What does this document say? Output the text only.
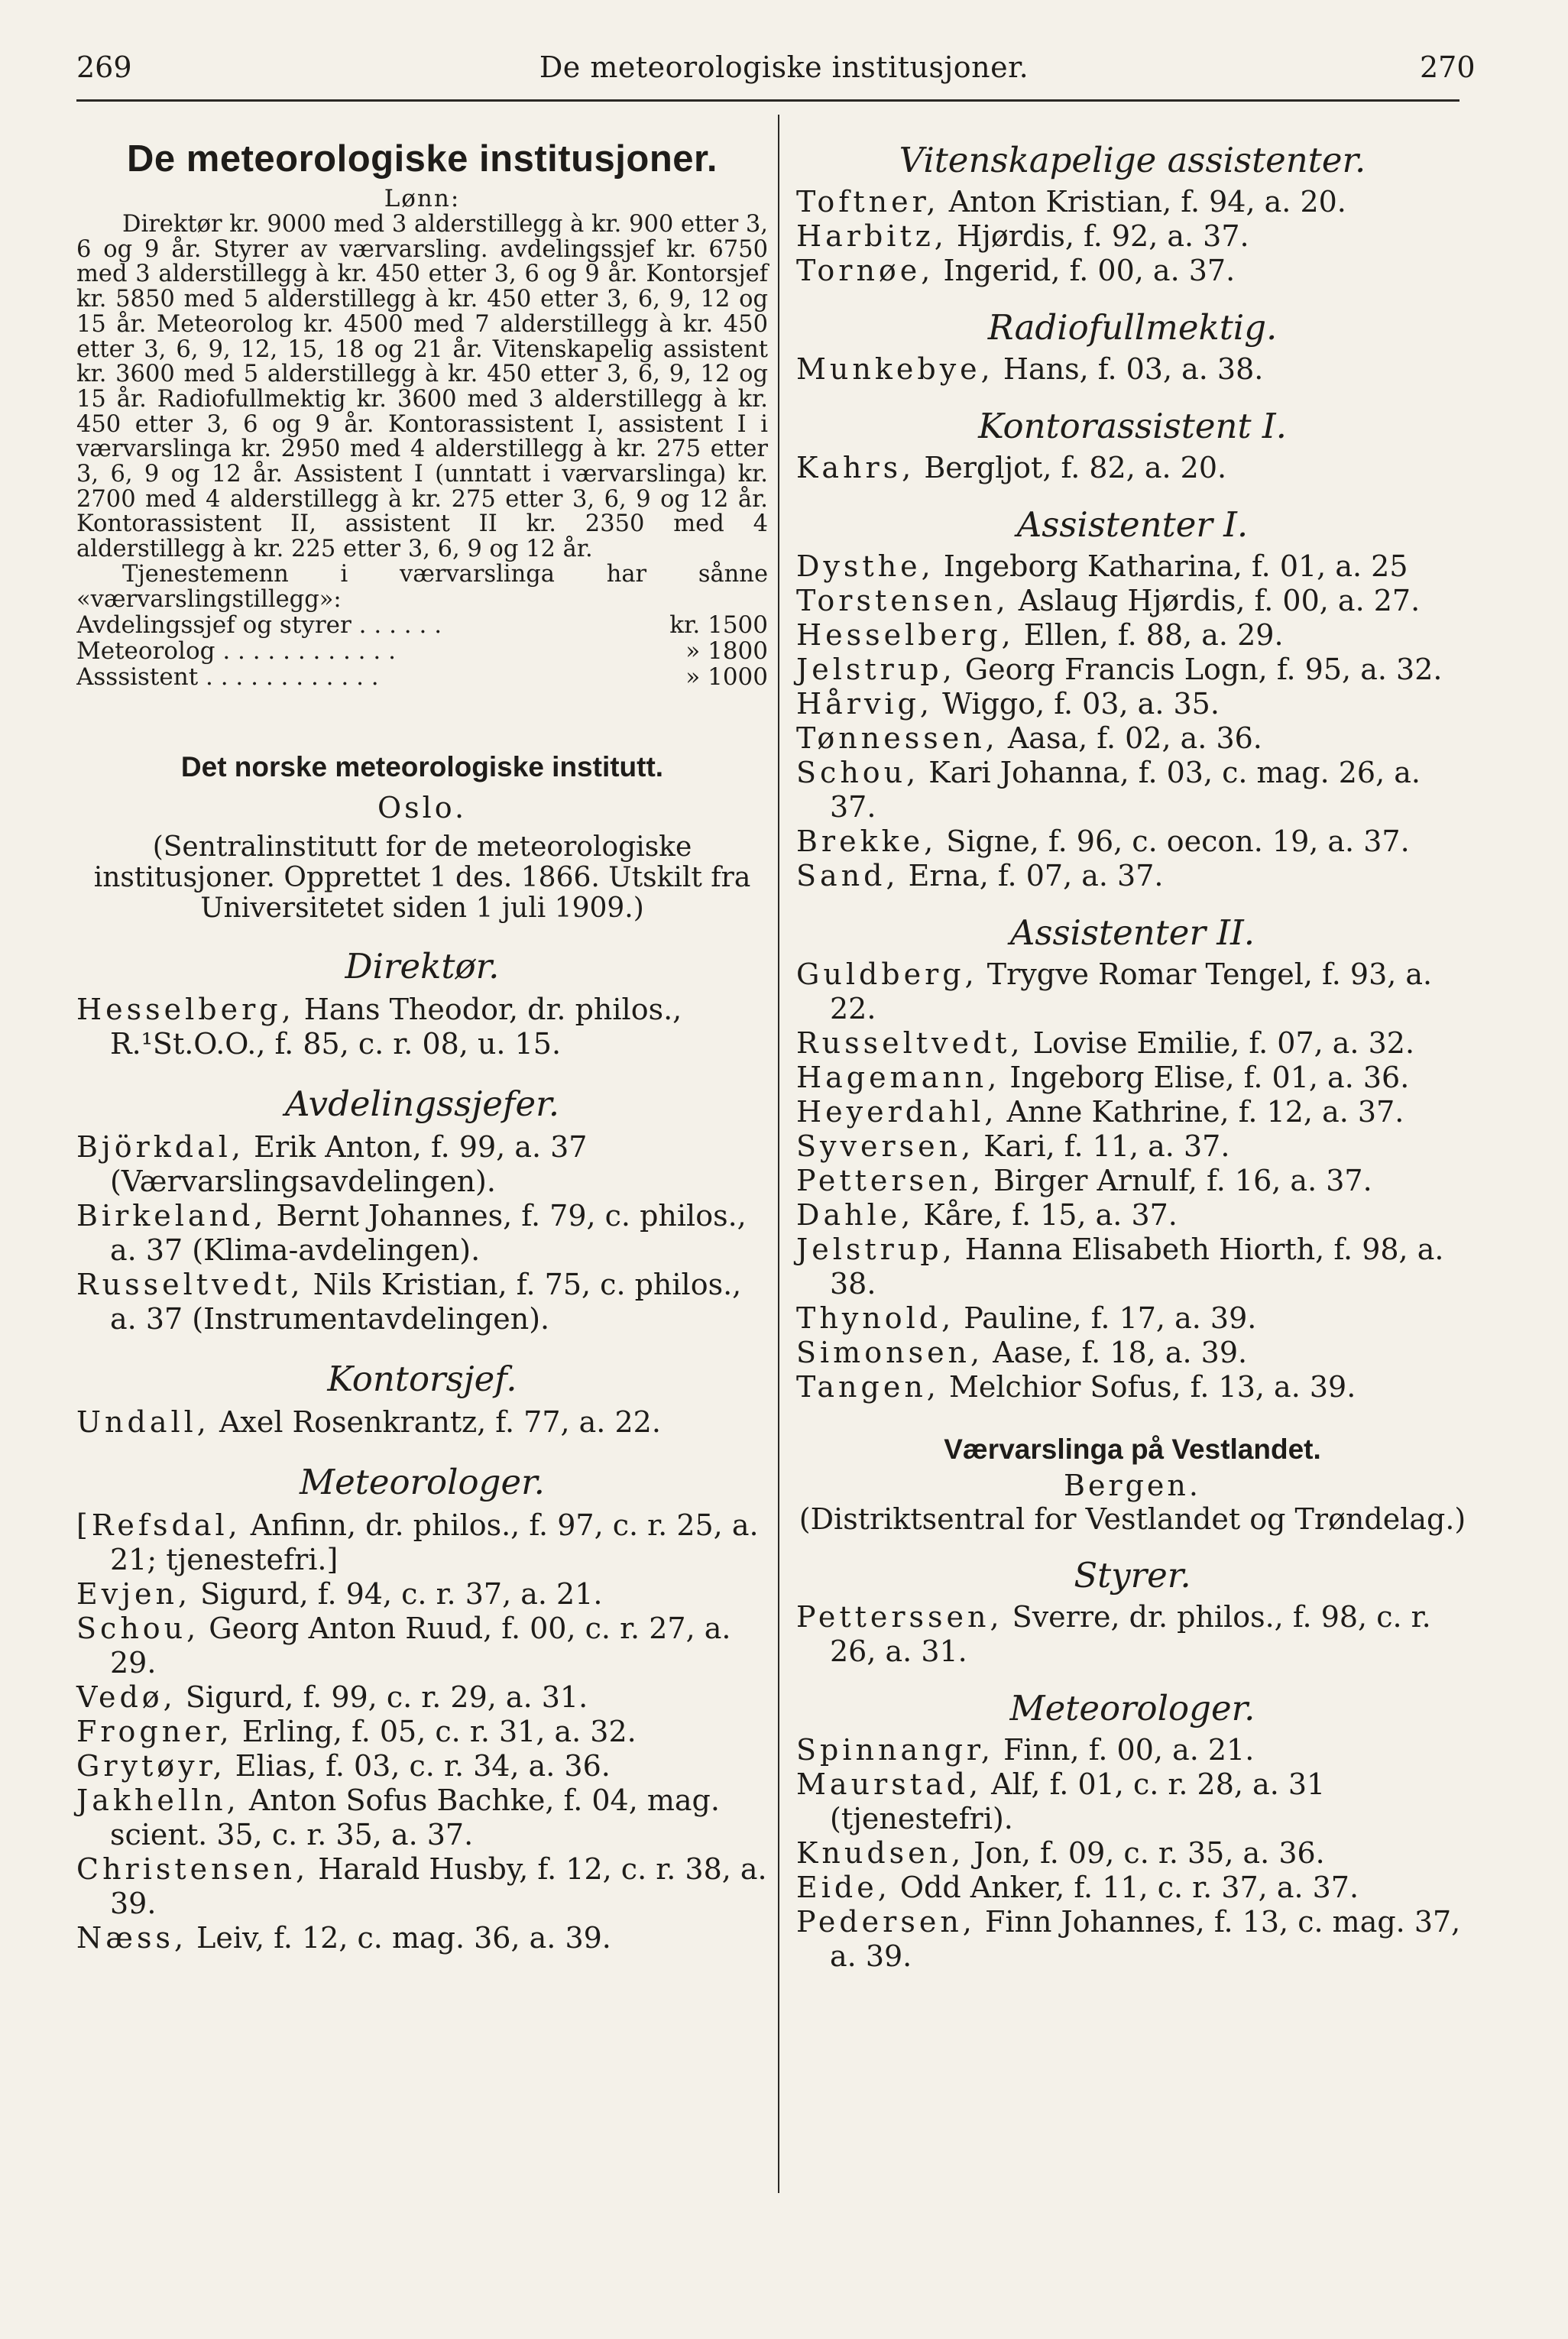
269	De meteorologiske institusjoner.	270
De meteorologiske institusjoner.
Lønn:
Direktør kr. 9000 med 3 alderstillegg à kr. 900 etter 3, 6 og 9 år. Styrer av værvarsling. avdelingssjef kr. 6750 med 3 alderstillegg à kr. 450 etter 3, 6 og 9 år. Kontorsjef kr. 5850 med 5 alderstillegg à kr. 450 etter 3, 6, 9, 12 og 15 år. Meteorolog kr. 4500 med 7 alderstillegg à kr. 450 etter 3, 6, 9, 12, 15, 18 og 21 år. Vitenskapelig assistent kr. 3600 med 5 alderstillegg à kr. 450 etter 3, 6, 9, 12 og 15 år. Radiofullmektig kr. 3600 med 3 alderstillegg à kr. 450 etter 3, 6 og 9 år. Kontorassistent I, assistent I i værvarslinga kr. 2950 med 4 alderstillegg à kr. 275 etter 3, 6, 9 og 12 år. Assistent I (unntatt i værvarslinga) kr. 2700 med 4 alderstillegg à kr. 275 etter 3, 6, 9 og 12 år. Kontorassistent II, assistent II kr. 2350 med 4 alderstillegg à kr. 225 etter 3, 6, 9 og 12 år.
Tjenestemenn i værvarslinga har sånne «værvarslingstillegg»:
Avdelingssjef og styrer . . . . . .	kr. 1500
Meteorolog . . . . . . . . . . . .	» 1800
Asssistent . . . . . . . . . . . .	» 1000
Det norske meteorologiske institutt.
Oslo.
(Sentralinstitutt for de meteorologiske institusjoner. Opprettet 1 des. 1866. Utskilt fra Universitetet siden 1 juli 1909.)
Direktør.
Hesselberg, Hans Theodor, dr. philos., R.¹St.O.O., f. 85, c. r. 08, u. 15.
Avdelingssjefer.
Björkdal, Erik Anton, f. 99, a. 37 (Værvarslingsavdelingen).
Birkeland, Bernt Johannes, f. 79, c. philos., a. 37 (Klima-avdelingen).
Russeltvedt, Nils Kristian, f. 75, c. philos., a. 37 (Instrumentavdelingen).
Kontorsjef.
Undall, Axel Rosenkrantz, f. 77, a. 22.
Meteorologer.
[Refsdal, Anfinn, dr. philos., f. 97, c. r. 25, a. 21; tjenestefri.]
Evjen, Sigurd, f. 94, c. r. 37, a. 21.
Schou, Georg Anton Ruud, f. 00, c. r. 27, a. 29.
Vedø, Sigurd, f. 99, c. r. 29, a. 31.
Frogner, Erling, f. 05, c. r. 31, a. 32.
Grytøyr, Elias, f. 03, c. r. 34, a. 36.
Jakhelln, Anton Sofus Bachke, f. 04, mag. scient. 35, c. r. 35, a. 37.
Christensen, Harald Husby, f. 12, c. r. 38, a. 39.
Næss, Leiv, f. 12, c. mag. 36, a. 39.
Vitenskapelige assistenter.
Toftner, Anton Kristian, f. 94, a. 20.
Harbitz, Hjørdis, f. 92, a. 37.
Tornøe, Ingerid, f. 00, a. 37.
Radiofullmektig.
Munkebye, Hans, f. 03, a. 38.
Kontorassistent I.
Kahrs, Bergljot, f. 82, a. 20.
Assistenter I.
Dysthe, Ingeborg Katharina, f. 01, a. 25
Torstensen, Aslaug Hjørdis, f. 00, a. 27.
Hesselberg, Ellen, f. 88, a. 29.
Jelstrup, Georg Francis Logn, f. 95, a. 32.
Hårvig, Wiggo, f. 03, a. 35.
Tønnessen, Aasa, f. 02, a. 36.
Schou, Kari Johanna, f. 03, c. mag. 26, a. 37.
Brekke, Signe, f. 96, c. oecon. 19, a. 37.
Sand, Erna, f. 07, a. 37.
Assistenter II.
Guldberg, Trygve Romar Tengel, f. 93, a. 22.
Russeltvedt, Lovise Emilie, f. 07, a. 32.
Hagemann, Ingeborg Elise, f. 01, a. 36.
Heyerdahl, Anne Kathrine, f. 12, a. 37.
Syversen, Kari, f. 11, a. 37.
Pettersen, Birger Arnulf, f. 16, a. 37.
Dahle, Kåre, f. 15, a. 37.
Jelstrup, Hanna Elisabeth Hiorth, f. 98, a. 38.
Thynold, Pauline, f. 17, a. 39.
Simonsen, Aase, f. 18, a. 39.
Tangen, Melchior Sofus, f. 13, a. 39.
Værvarslinga på Vestlandet.
Bergen.
(Distriktsentral for Vestlandet og Trøndelag.)
Styrer.
Petterssen, Sverre, dr. philos., f. 98, c. r. 26, a. 31.
Meteorologer.
Spinnangr, Finn, f. 00, a. 21.
Maurstad, Alf, f. 01, c. r. 28, a. 31 (tjenestefri).
Knudsen, Jon, f. 09, c. r. 35, a. 36.
Eide, Odd Anker, f. 11, c. r. 37, a. 37.
Pedersen, Finn Johannes, f. 13, c. mag. 37, a. 39.
